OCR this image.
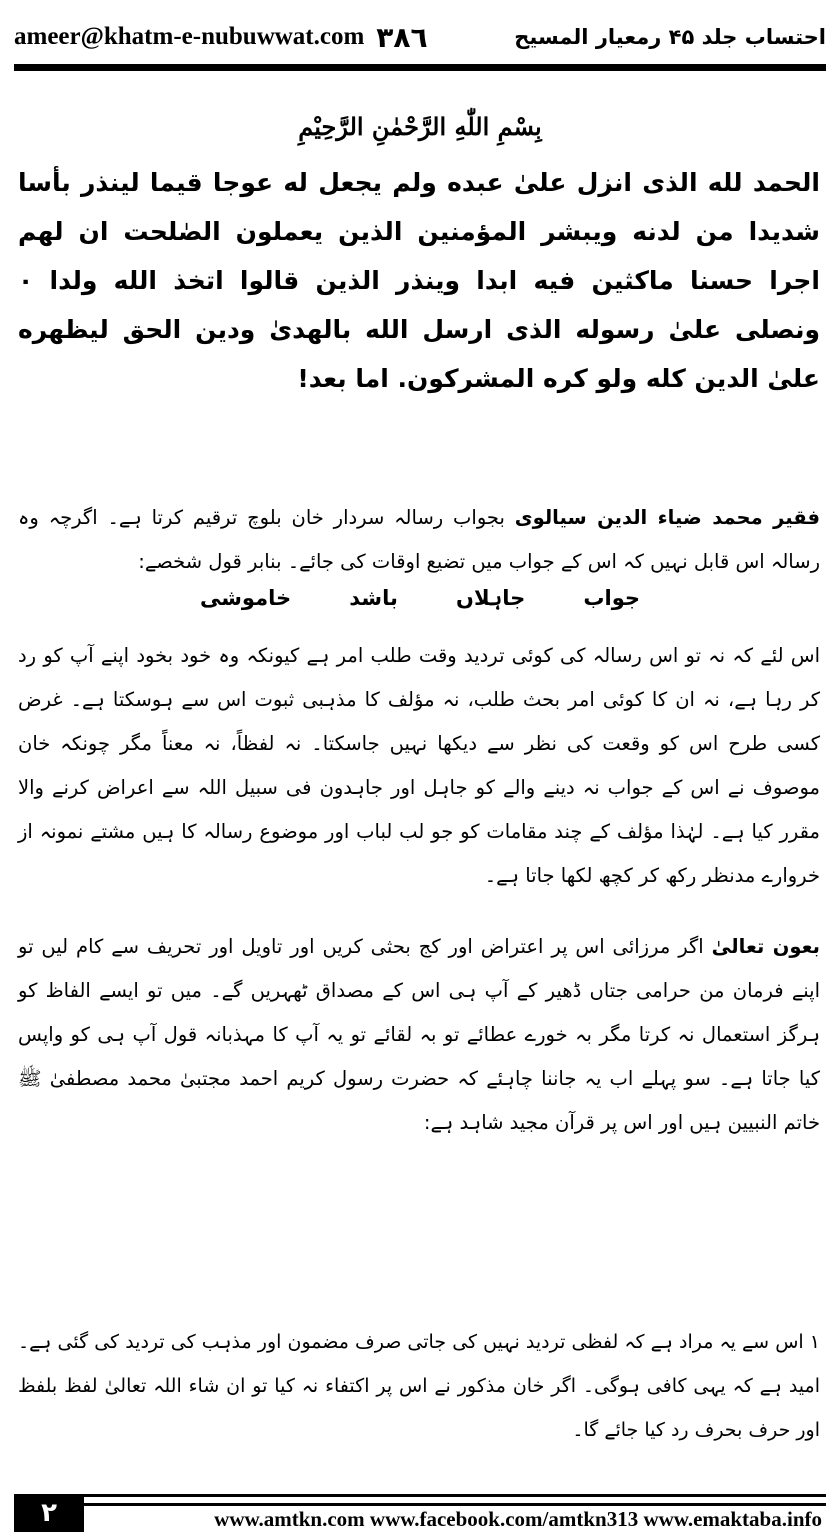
ameer@khatm-e-nubuwwat.com ٣٨٦	احتساب جلد ۴۵ رمعیار المسیح
بِسْمِ اللّٰهِ الرَّحْمٰنِ الرَّحِيْمِ
الحمد لله الذى انزل علىٰ عبده ولم يجعل له عوجا قيما لينذر بأسا شديدا من لدنه ويبشر المؤمنين الذين يعملون الصٰلحت ان لهم اجرا حسنا ماكثين فيه ابدا وينذر الذين قالوا اتخذ الله ولدا ۰ ونصلى علىٰ رسوله الذى ارسل الله بالهدىٰ ودين الحق ليظهره علىٰ الدين كله ولو كره المشركون. اما بعد!
فقیر محمد ضیاء الدین سیالوی بجواب رسالہ سردار خان بلوچ ترقیم کرتا ہے۔ اگرچہ وہ رسالہ اس قابل نہیں کہ اس کے جواب میں تضیع اوقات کی جائے۔ بنابر قول شخصے:
جواب
جاہلاں
باشد
خاموشی
اس لئے کہ نہ تو اس رسالہ کی کوئی تردید وقت طلب امر ہے کیونکہ وہ خود بخود اپنے آپ کو رد کر رہا ہے، نہ ان کا کوئی امر بحث طلب، نہ مؤلف کا مذہبی ثبوت اس سے ہوسکتا ہے۔ غرض کسی طرح اس کو وقعت کی نظر سے دیکھا نہیں جاسکتا۔ نہ لفظاً، نہ معناً مگر چونکہ خان موصوف نے اس کے جواب نہ دینے والے کو جاہل اور جاہدون فی سبیل اللہ سے اعراض کرنے والا مقرر کیا ہے۔ لہٰذا مؤلف کے چند مقامات کو جو لب لباب اور موضوع رسالہ کا ہیں مشتے نمونہ از خروارے مدنظر رکھ کر کچھ لکھا جاتا ہے۔
بعون تعالیٰ اگر مرزائی اس پر اعتراض اور کج بحثی کریں اور تاویل اور تحریف سے کام لیں تو اپنے فرمان من حرامی جتاں ڈھیر کے آپ ہی اس کے مصداق ٹھہریں گے۔ میں تو ایسے الفاظ کو ہرگز استعمال نہ کرتا مگر بہ خورے عطائے تو بہ لقائے تو یہ آپ کا مہذبانہ قول آپ ہی کو واپس کیا جاتا ہے۔ سو پہلے اب یہ جاننا چاہئے کہ حضرت رسول کریم احمد مجتبیٰ محمد مصطفیٰ ﷺ خاتم النبیین ہیں اور اس پر قرآن مجید شاہد ہے:
۱ اس سے یہ مراد ہے کہ لفظی تردید نہیں کی جاتی صرف مضمون اور مذہب کی تردید کی گئی ہے۔ امید ہے کہ یہی کافی ہوگی۔ اگر خان مذکور نے اس پر اکتفاء نہ کیا تو ان شاء اللہ تعالیٰ لفظ بلفظ اور حرف بحرف رد کیا جائے گا۔
۲	www.amtkn.com www.facebook.com/amtkn313 www.emaktaba.info
